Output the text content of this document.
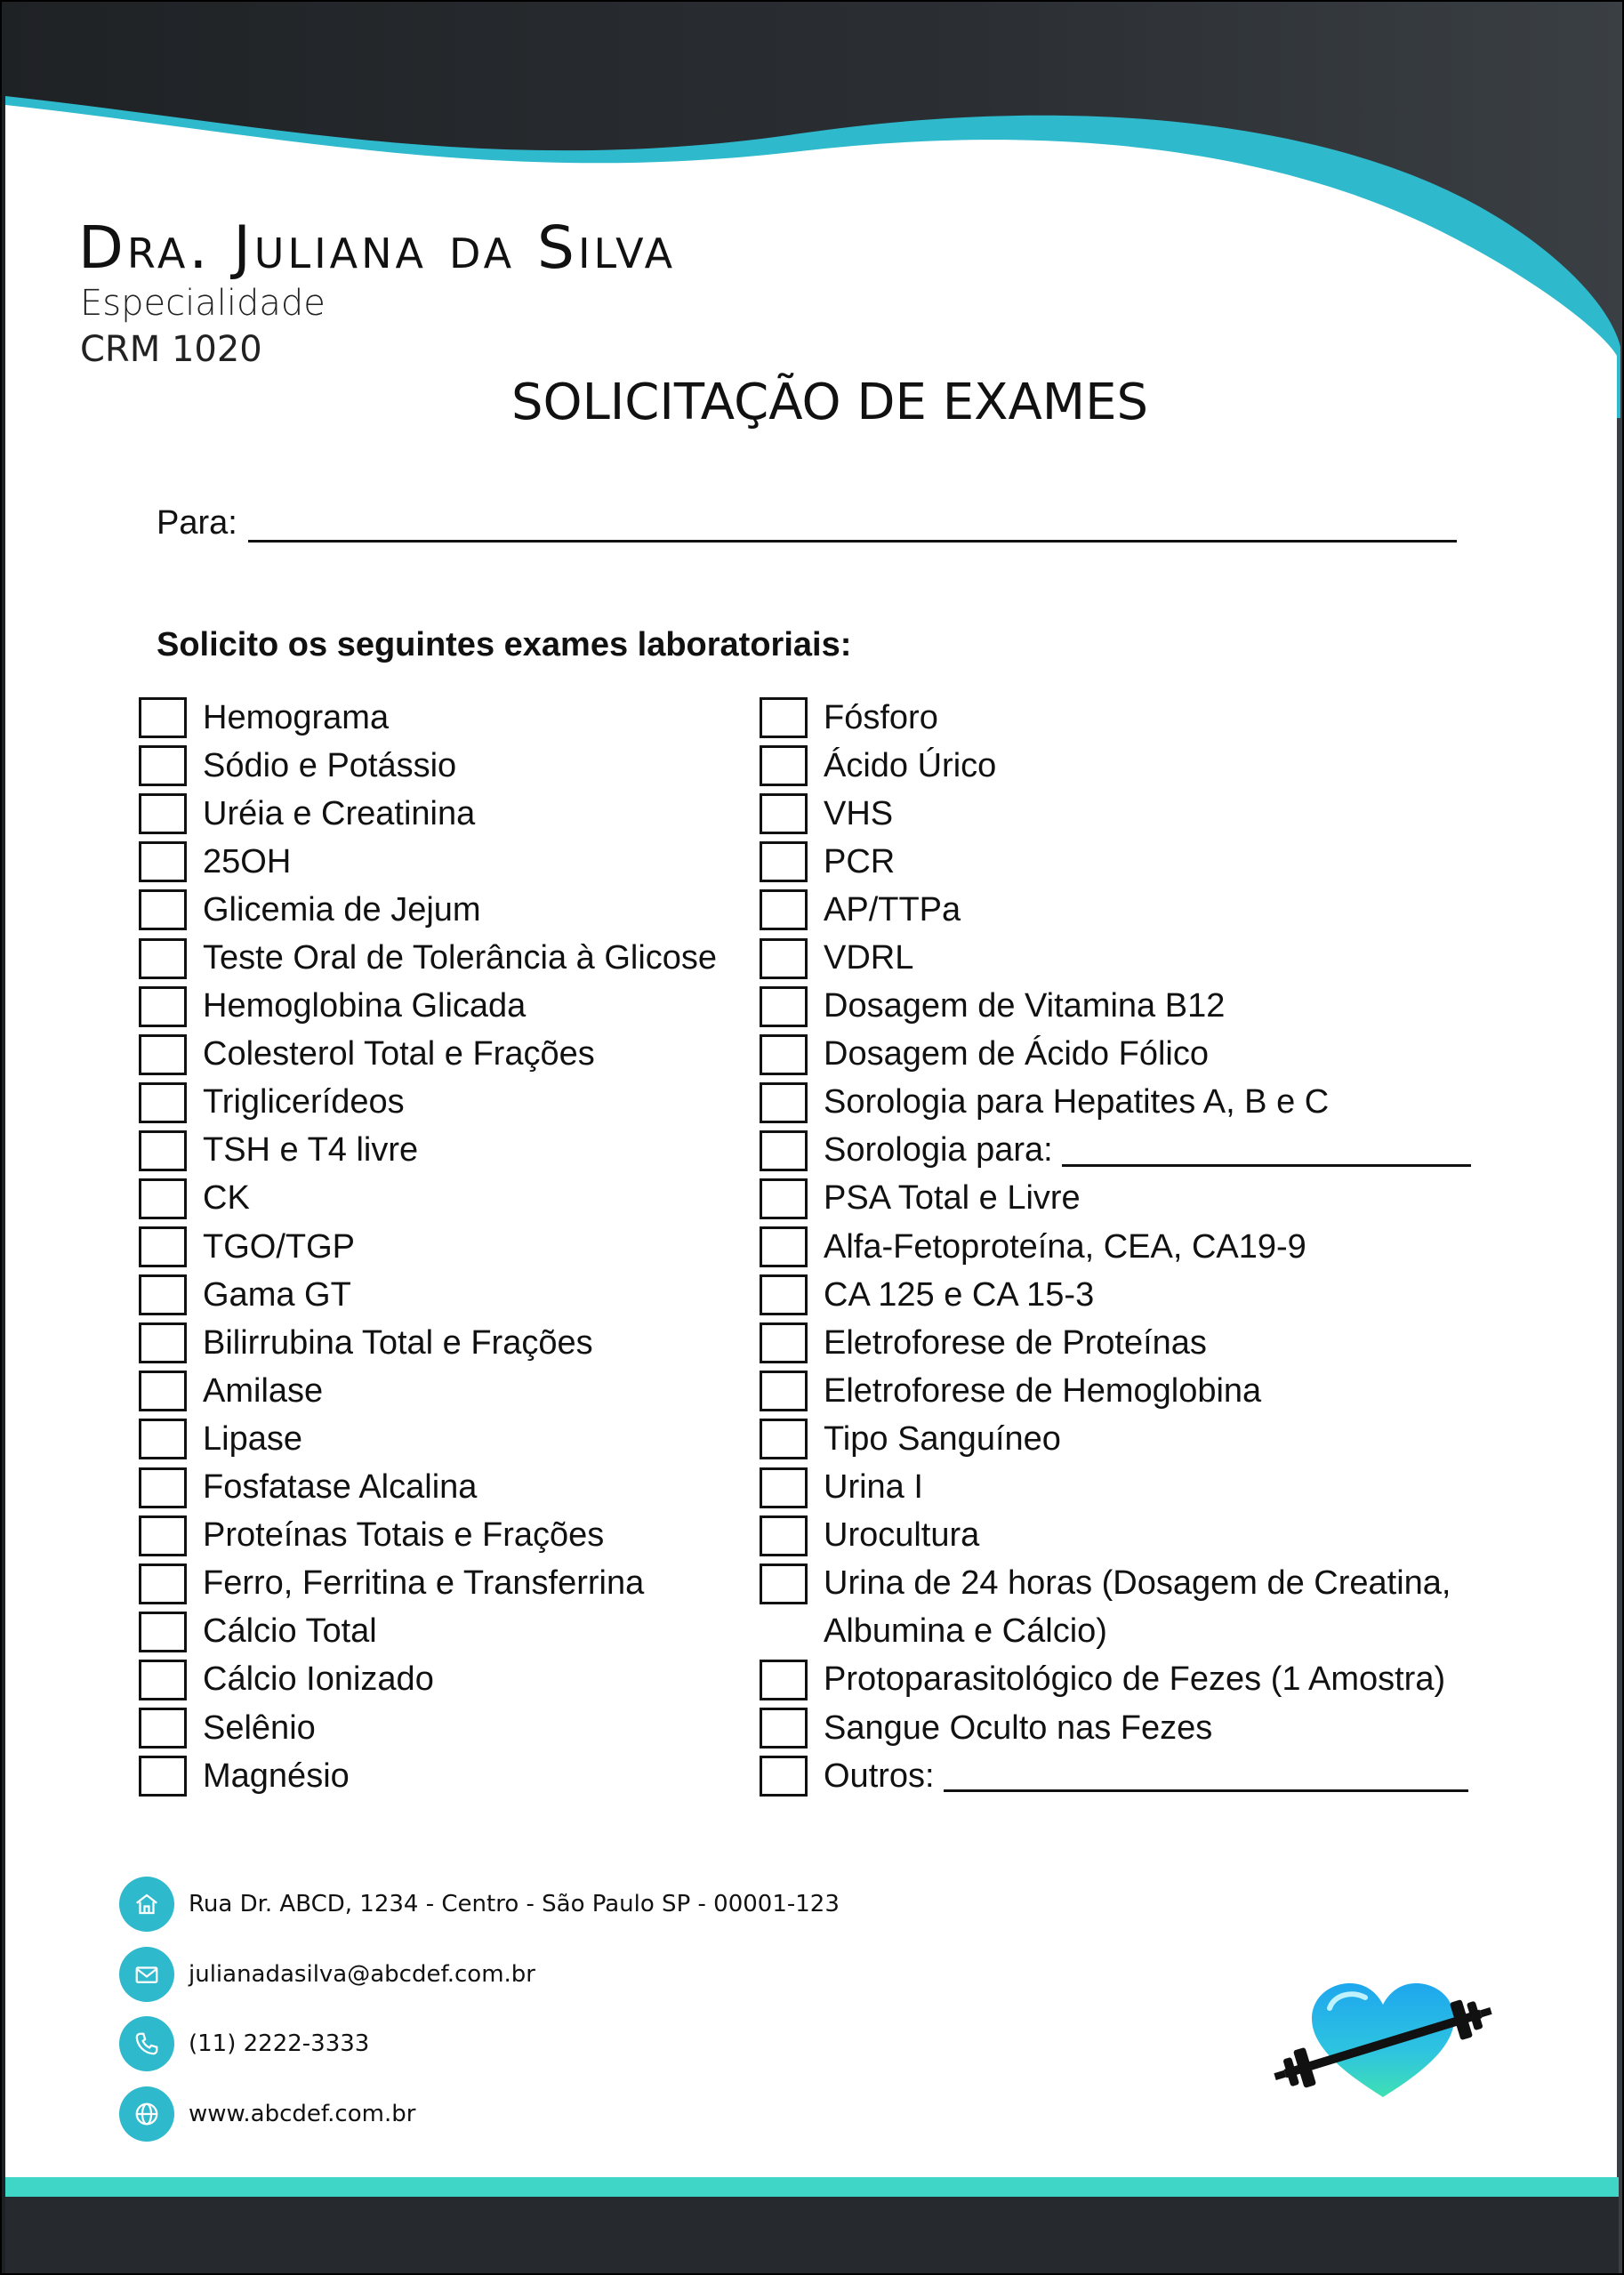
Dra. Juliana da Silva
Especialidade
CRM 1020
SOLICITAÇÃO DE EXAMES
Para:
Solicito os seguintes exames laboratoriais:
Hemograma
Sódio e Potássio
Uréia e Creatinina
25OH
Glicemia de Jejum
Teste Oral de Tolerância à Glicose
Hemoglobina Glicada
Colesterol Total e Frações
Triglicerídeos
TSH e T4 livre
CK
TGO/TGP
Gama GT
Bilirrubina Total e Frações
Amilase
Lipase
Fosfatase Alcalina
Proteínas Totais e Frações
Ferro, Ferritina e Transferrina
Cálcio Total
Cálcio Ionizado
Selênio
Magnésio
Fósforo
Ácido Úrico
VHS
PCR
AP/TTPa
VDRL
Dosagem de Vitamina B12
Dosagem de Ácido Fólico
Sorologia para Hepatites A, B e C
Sorologia para:
PSA Total e Livre
Alfa-Fetoproteína, CEA, CA19-9
CA 125 e CA 15-3
Eletroforese de Proteínas
Eletroforese de Hemoglobina
Tipo Sanguíneo
Urina I
Urocultura
Urina de 24 horas (Dosagem de Creatina,
Albumina e Cálcio)
Protoparasitológico de Fezes (1 Amostra)
Sangue Oculto nas Fezes
Outros:
Rua Dr. ABCD, 1234 - Centro - São Paulo SP - 00001-123
julianadasilva@abcdef.com.br
(11) 2222-3333
www.abcdef.com.br
